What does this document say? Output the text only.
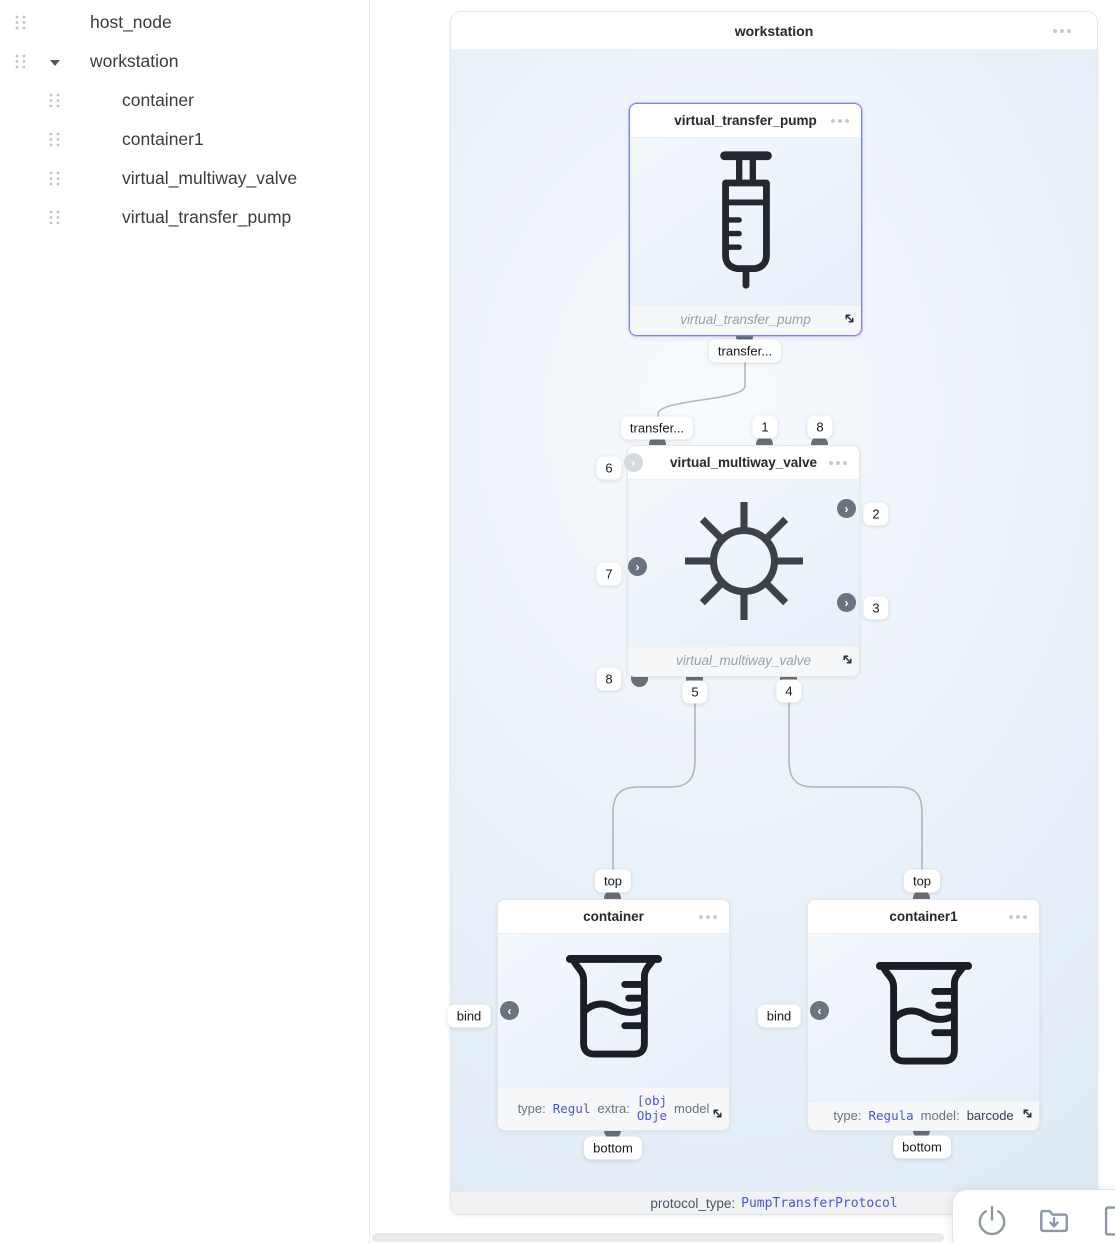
host_node
workstation
container
container1
virtual_multiway_valve
virtual_transfer_pump
workstation
protocol_type: PumpTransferProtocol
virtual_transfer_pump
virtual_transfer_pump
virtual_multiway_valve
virtual_multiway_valve
container
type: Regul extra:
[obj
Obje model
container1
type: Regula model: barcode
›
›
›
›
‹	‹
transfer...
transfer...	1	8
6
7
2
3
8
5	4
top
bind
bottom
top
bind
bottom
